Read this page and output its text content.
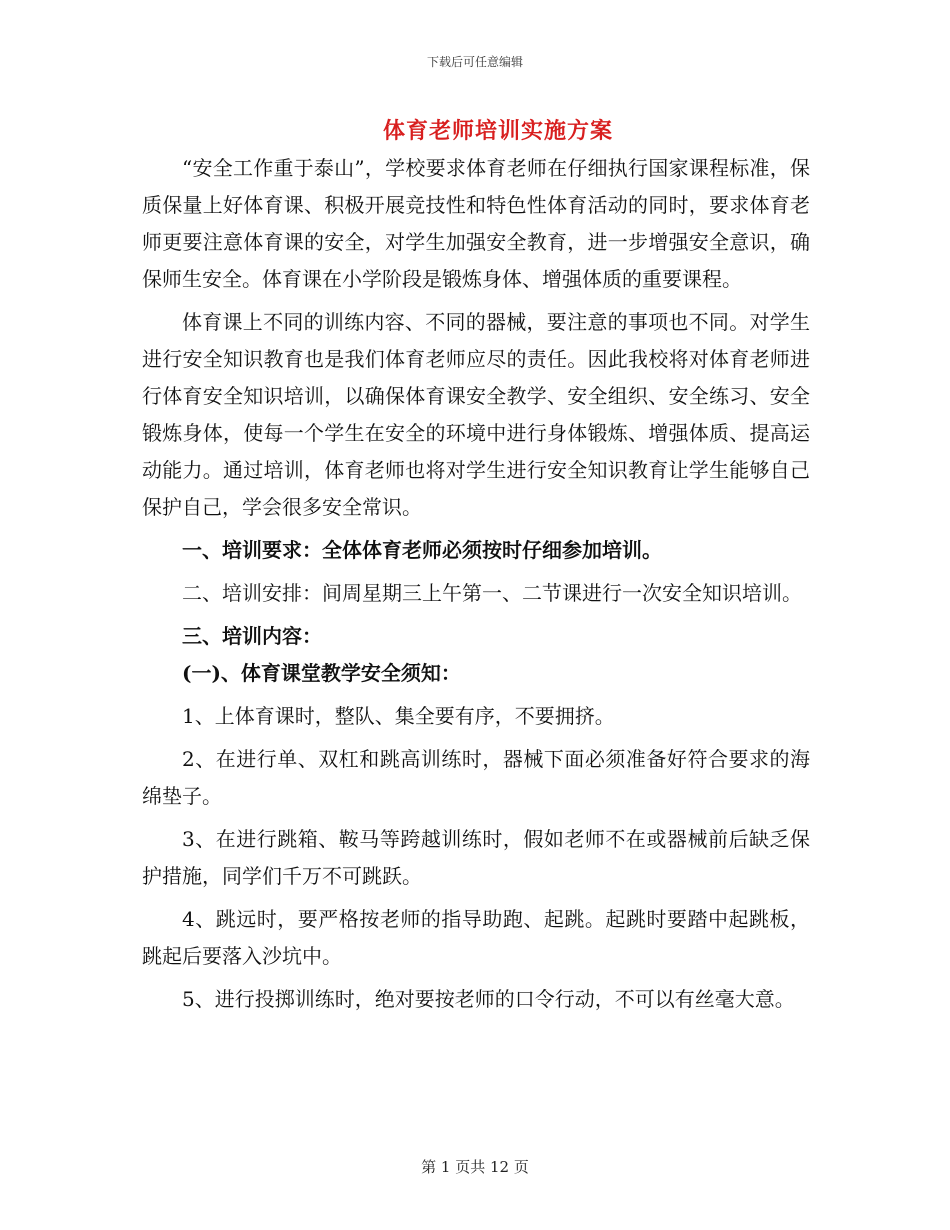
下载后可任意编辑
体育老师培训实施方案

“安全工作重于泰山”，学校要求体育老师在仔细执行国家课程标准，保质保量上好体育课、积极开展竞技性和特色性体育活动的同时，要求体育老师更要注意体育课的安全，对学生加强安全教育，进一步增强安全意识，确保师生安全。体育课在小学阶段是锻炼身体、增强体质的重要课程。

体育课上不同的训练内容、不同的器械，要注意的事项也不同。对学生进行安全知识教育也是我们体育老师应尽的责任。因此我校将对体育老师进行体育安全知识培训，以确保体育课安全教学、安全组织、安全练习、安全锻炼身体，使每一个学生在安全的环境中进行身体锻炼、增强体质、提高运动能力。通过培训，体育老师也将对学生进行安全知识教育让学生能够自己保护自己，学会很多安全常识。

一、培训要求：全体体育老师必须按时仔细参加培训。

二、培训安排：间周星期三上午第一、二节课进行一次安全知识培训。

三、培训内容：

(一)、体育课堂教学安全须知：

1、上体育课时，整队、集全要有序，不要拥挤。

2、在进行单、双杠和跳高训练时，器械下面必须准备好符合要求的海绵垫子。

3、在进行跳箱、鞍马等跨越训练时，假如老师不在或器械前后缺乏保护措施，同学们千万不可跳跃。

4、跳远时，要严格按老师的指导助跑、起跳。起跳时要踏中起跳板，跳起后要落入沙坑中。

5、进行投掷训练时，绝对要按老师的口令行动，不可以有丝毫大意。

第 1 页共 12 页
